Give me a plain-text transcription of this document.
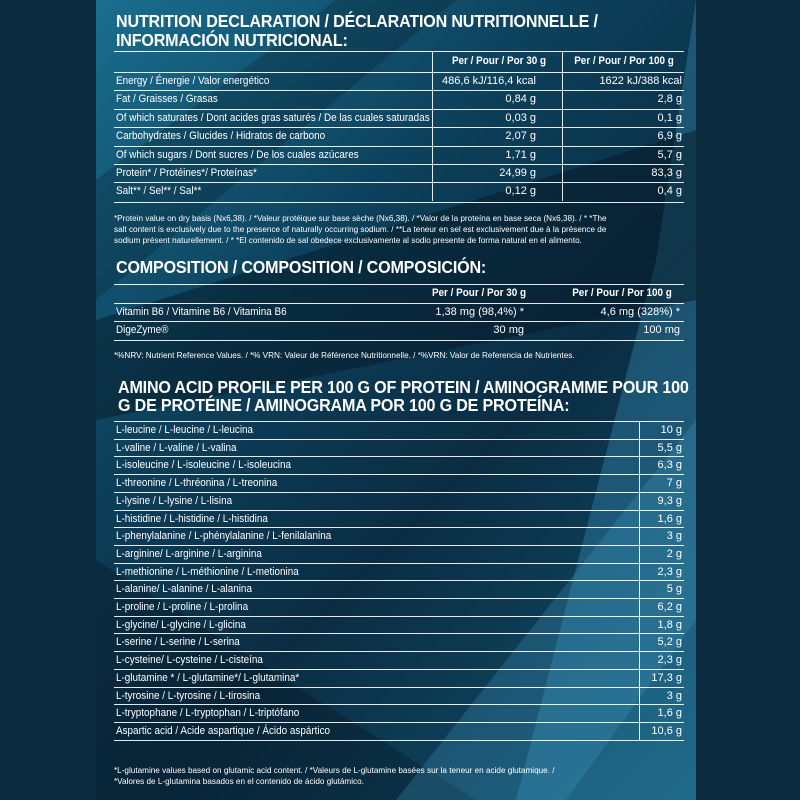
NUTRITION DECLARATION / DÉCLARATION NUTRITIONNELLE /
INFORMACIÓN NUTRICIONAL:
Per / Pour / Por 30 g	Per / Pour / Por 100 g
Energy / Énergie / Valor energético	486,6 kJ/116,4 kcal	1622 kJ/388 kcal
Fat / Graisses / Grasas	0,84 g	2,8 g
Of which saturates / Dont acides gras saturés / De las cuales saturadas	0,03 g	0,1 g
Carbohydrates / Glucides / Hidratos de carbono	2,07 g	6,9 g
Of which sugars / Dont sucres / De los cuales azúcares	1,71 g	5,7 g
Protein* / Protéines*/ Proteínas*	24,99 g	83,3 g
Salt** / Sel** / Sal**	0,12 g	0,4 g
*Protein value on dry basis (Nx6,38). / *Valeur protéique sur base sèche (Nx6,38). / *Valor de la proteína en base seca (Nx6,38). / * *The
salt content is exclusively due to the presence of naturally occurring sodium. / **La teneur en sel est exclusivement due à la présence de
sodium présent naturellement. / * *El contenido de sal obedece exclusivamente al sodio presente de forma natural en el alimento.
COMPOSITION / COMPOSITION / COMPOSICIÓN:
Per / Pour / Por 30 g	Per / Pour / Por 100 g
Vitamin B6 / Vitamine B6 / Vitamina B6	1,38 mg (98,4%) *	4,6 mg (328%) *
DigeZyme®	30 mg	100 mg
*%NRV: Nutrient Reference Values. / *% VRN: Valeur de Référence Nutritionnelle. / *%VRN: Valor de Referencia de Nutrientes.
AMINO ACID PROFILE PER 100 G OF PROTEIN / AMINOGRAMME POUR 100
G DE PROTÉINE / AMINOGRAMA POR 100 G DE PROTEÍNA:
L-leucine / L-leucine / L-leucina	10 g
L-valine / L-valine / L-valina	5,5 g
L-isoleucine / L-isoleucine / L-isoleucina	6,3 g
L-threonine / L-thréonina / L-treonina	7 g
L-lysine / L-lysine / L-lisina	9,3 g
L-histidine / L-histidine / L-histidina	1,6 g
L-phenylalanine / L-phénylalanine / L-fenilalanina	3 g
L-arginine/ L-arginine / L-arginina	2 g
L-methionine / L-méthionine / L-metionina	2,3 g
L-alanine/ L-alanine / L-alanina	5 g
L-proline / L-proline / L-prolina	6,2 g
L-glycine/ L-glycine / L-glicina	1,8 g
L-serine / L-serine / L-serina	5,2 g
L-cysteine/ L-cysteine / L-cisteína	2,3 g
L-glutamine * / L-glutamine*/ L-glutamina*	17,3 g
L-tyrosine / L-tyrosine / L-tirosina	3 g
L-tryptophane / L-tryptophan / L-triptófano	1,6 g
Aspartic acid / Acide aspartique / Ácido aspártico	10,6 g
*L-glutamine values based on glutamic acid content. / *Valeurs de L-glutamine basées sur la teneur en acide glutamique. /
*Valores de L-glutamina basados en el contenido de ácido glutámico.
